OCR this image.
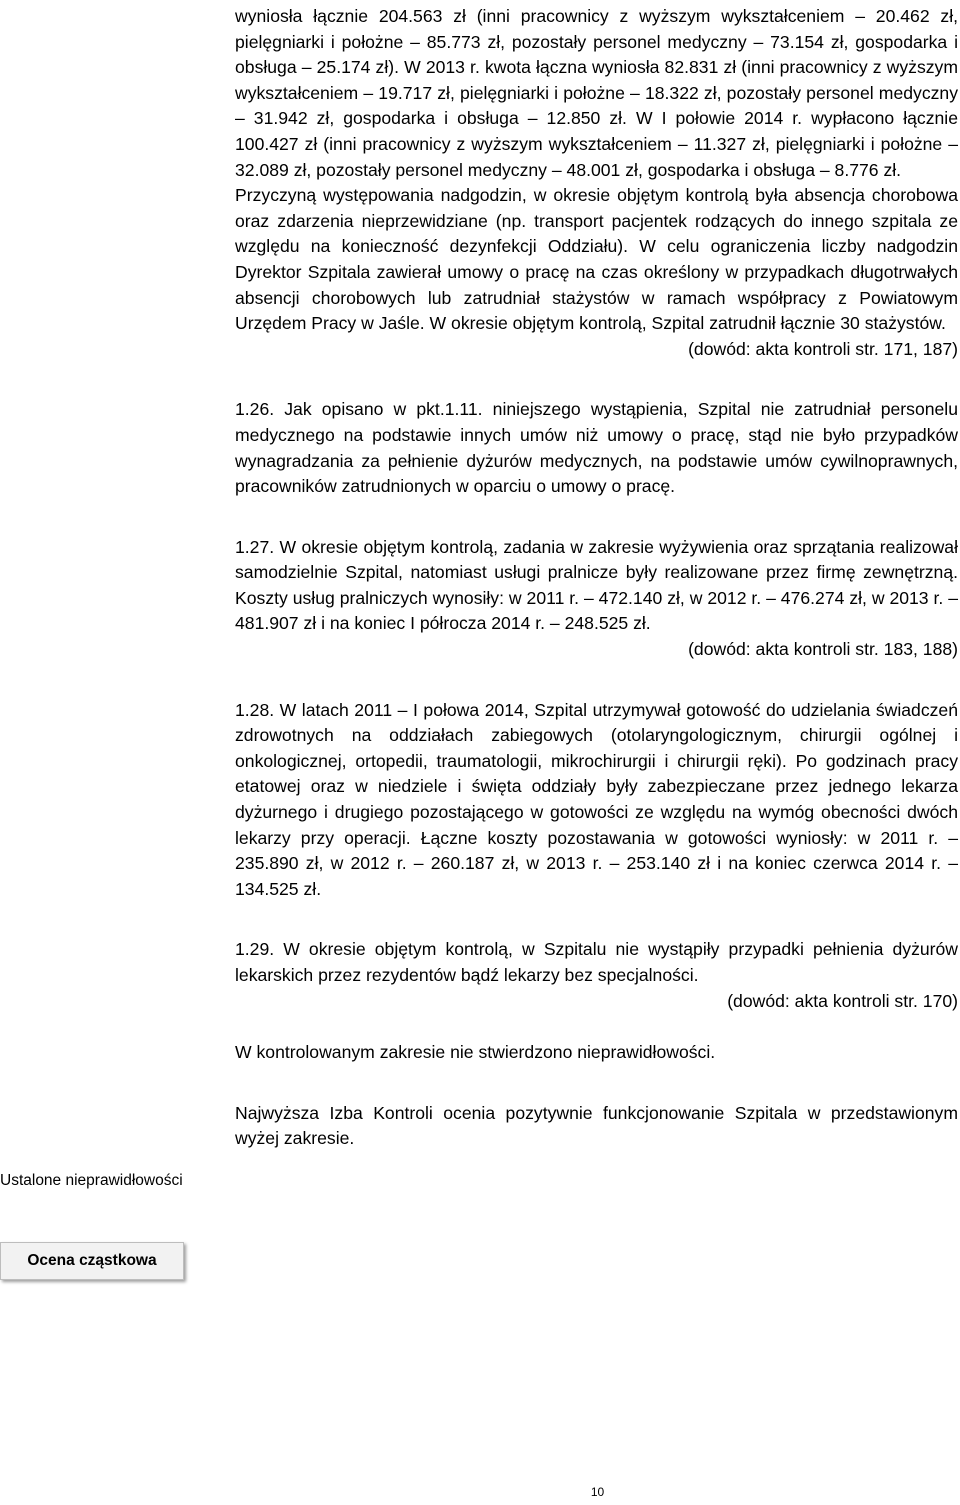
wyniosła łącznie 204.563 zł (inni pracownicy z wyższym wykształceniem – 20.462 zł, pielęgniarki i położne – 85.773 zł, pozostały personel medyczny – 73.154 zł, gospodarka i obsługa – 25.174 zł). W 2013 r. kwota łączna wyniosła 82.831 zł (inni pracownicy z wyższym wykształceniem – 19.717 zł, pielęgniarki i położne – 18.322 zł, pozostały personel medyczny – 31.942 zł, gospodarka i obsługa – 12.850 zł. W I połowie 2014 r. wypłacono łącznie 100.427 zł (inni pracownicy z wyższym wykształceniem – 11.327 zł, pielęgniarki i położne – 32.089 zł, pozostały personel medyczny – 48.001 zł, gospodarka i obsługa – 8.776 zł.

Przyczyną występowania nadgodzin, w okresie objętym kontrolą była absencja chorobowa oraz zdarzenia nieprzewidziane (np. transport pacjentek rodzących do innego szpitala ze względu na konieczność dezynfekcji Oddziału). W celu ograniczenia liczby nadgodzin Dyrektor Szpitala zawierał umowy o pracę na czas określony w przypadkach długotrwałych absencji chorobowych lub zatrudniał stażystów w ramach współpracy z Powiatowym Urzędem Pracy w Jaśle. W okresie objętym kontrolą, Szpital zatrudnił łącznie 30 stażystów.

(dowód: akta kontroli str. 171, 187)

1.26. Jak opisano w pkt.1.11. niniejszego wystąpienia, Szpital nie zatrudniał personelu medycznego na podstawie innych umów niż umowy o pracę, stąd nie było przypadków wynagradzania za pełnienie dyżurów medycznych, na podstawie umów cywilnoprawnych, pracowników zatrudnionych w oparciu o umowy o pracę.

1.27. W okresie objętym kontrolą, zadania w zakresie wyżywienia oraz sprzątania realizował samodzielnie Szpital, natomiast usługi pralnicze były realizowane przez firmę zewnętrzną. Koszty usług pralniczych wynosiły: w 2011 r. – 472.140 zł, w 2012 r. – 476.274 zł, w 2013 r. – 481.907 zł i na koniec I półrocza 2014 r. – 248.525 zł.

(dowód: akta kontroli str. 183, 188)

1.28. W latach 2011 – I połowa 2014, Szpital utrzymywał gotowość do udzielania świadczeń zdrowotnych na oddziałach zabiegowych (otolaryngologicznym, chirurgii ogólnej i onkologicznej, ortopedii, traumatologii, mikrochirurgii i chirurgii ręki). Po godzinach pracy etatowej oraz w niedziele i święta oddziały były zabezpieczane przez jednego lekarza dyżurnego i drugiego pozostającego w gotowości ze względu na wymóg obecności dwóch lekarzy przy operacji. Łączne koszty pozostawania w gotowości wyniosły: w 2011 r. – 235.890 zł, w 2012 r. – 260.187 zł, w 2013 r. – 253.140 zł i na koniec czerwca 2014 r. – 134.525 zł.

1.29. W okresie objętym kontrolą, w Szpitalu nie wystąpiły przypadki pełnienia dyżurów lekarskich przez rezydentów bądź lekarzy bez specjalności.

(dowód: akta kontroli str. 170)

W kontrolowanym zakresie nie stwierdzono nieprawidłowości.

Najwyższa Izba Kontroli ocenia pozytywnie funkcjonowanie Szpitala w przedstawionym wyżej zakresie.

Ustalone nieprawidłowości

Ocena cząstkowa
10
